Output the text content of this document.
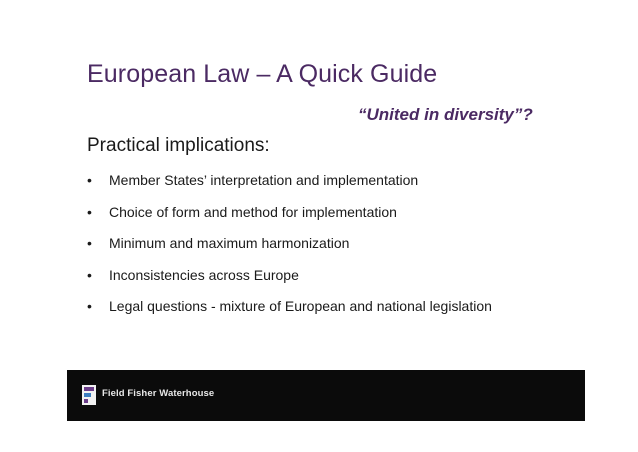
European Law – A Quick Guide
“United in diversity”?
Practical implications:
•	Member States’ interpretation and implementation
•	Choice of form and method for implementation
•	Minimum and maximum harmonization
•	Inconsistencies across Europe
•	Legal questions - mixture of European and national legislation
Field Fisher Waterhouse
